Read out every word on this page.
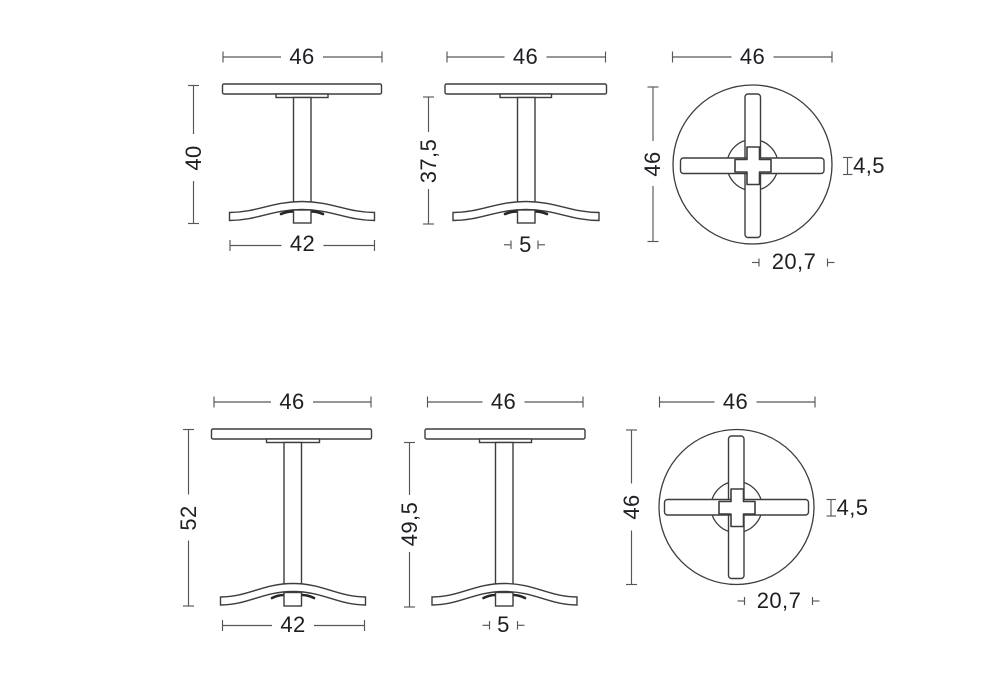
46
40
42
46
37,5
5
46
46	4,5
20,7
46
52
42
46
49,5
5
46
46	4,5
20,7
